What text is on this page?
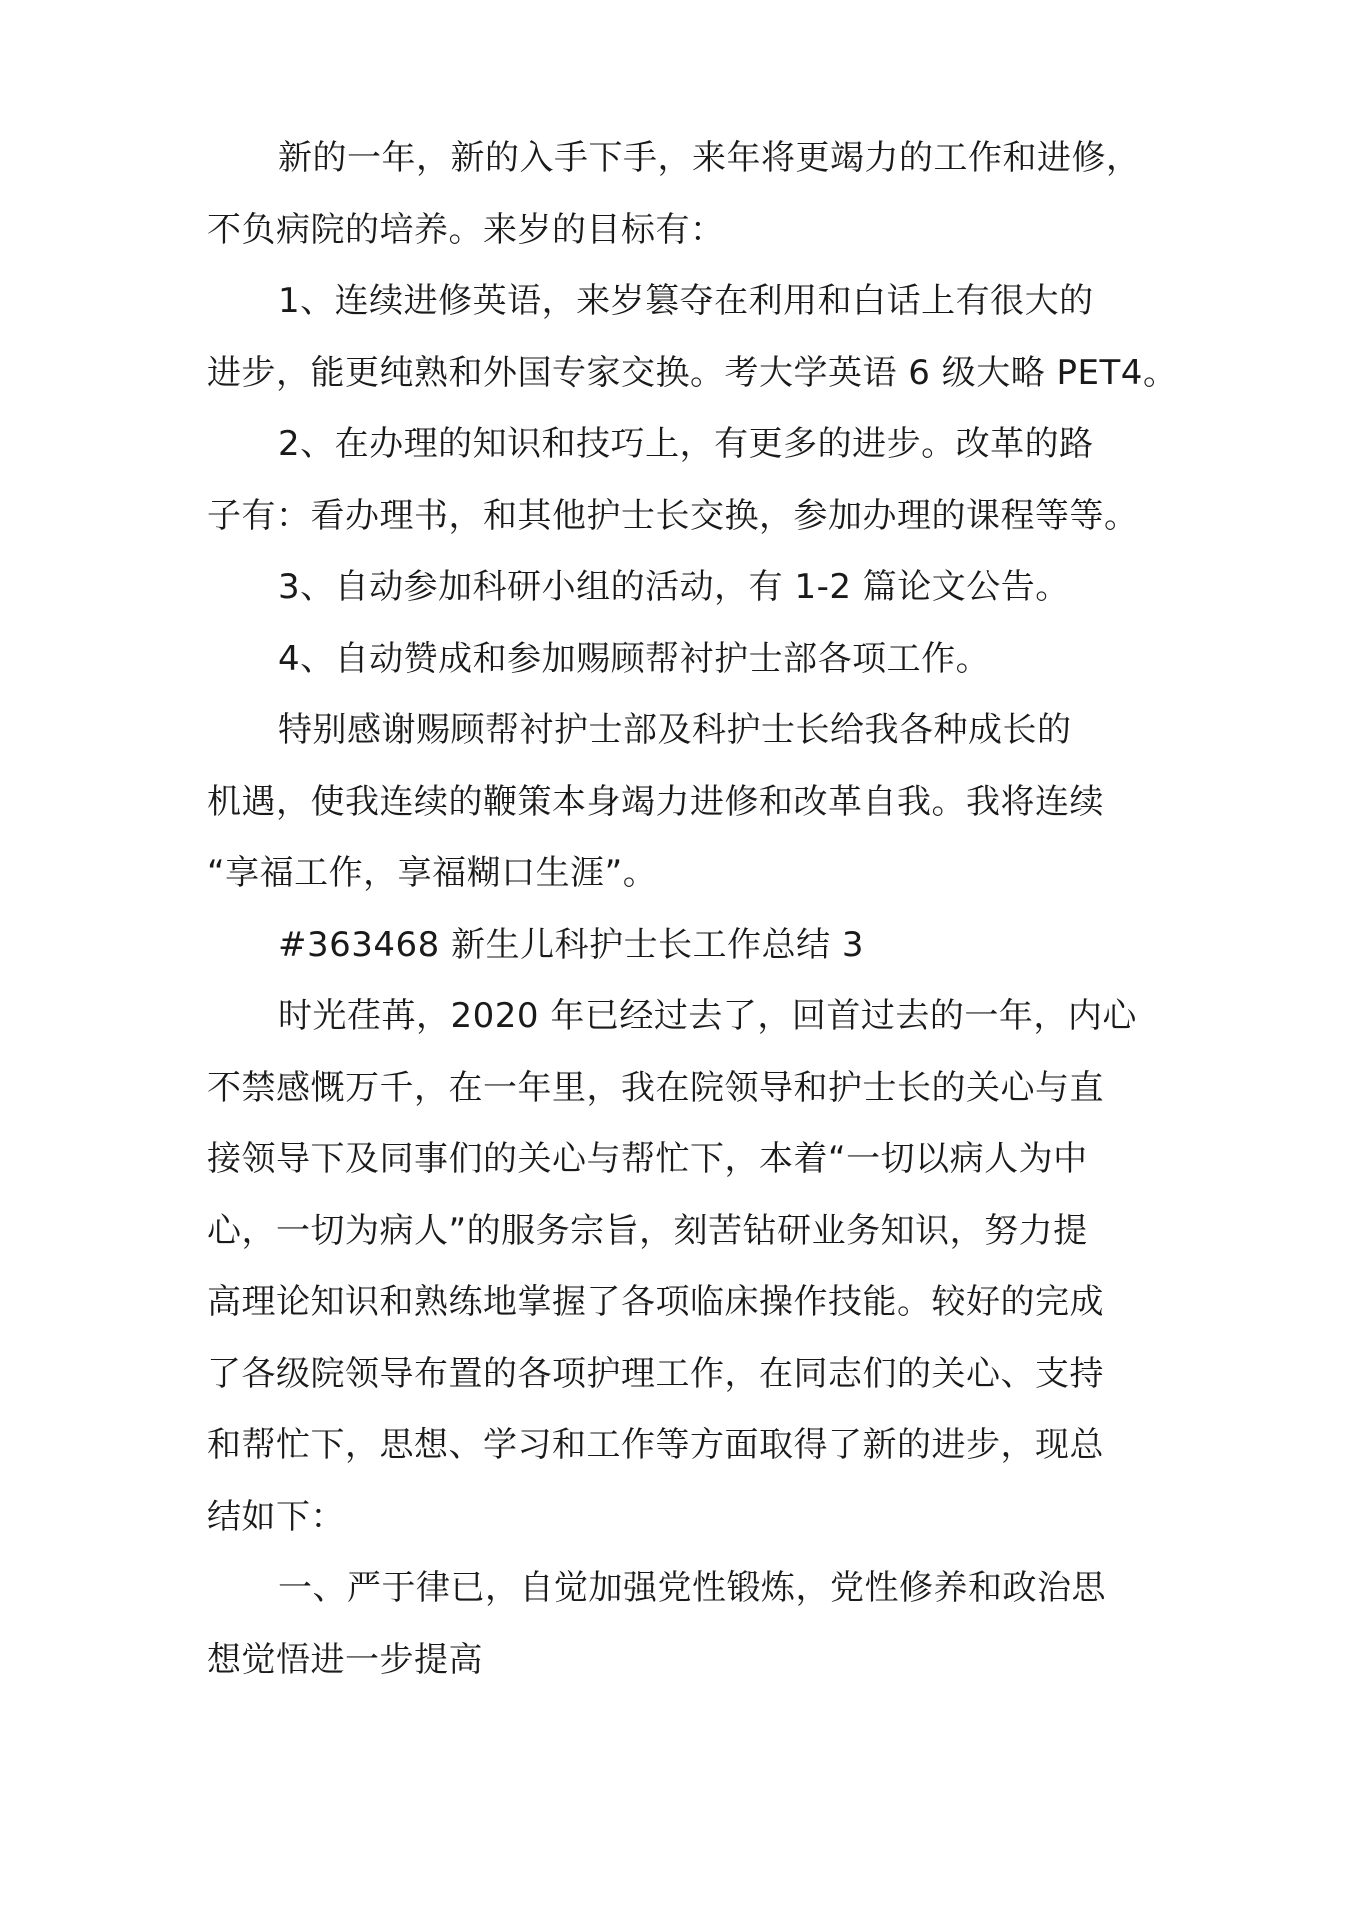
新的一年，新的入手下手，来年将更竭力的工作和进修，
不负病院的培养。来岁的目标有：

1、连续进修英语，来岁篡夺在利用和白话上有很大的
进步，能更纯熟和外国专家交换。考大学英语 6 级大略 PET4。

2、在办理的知识和技巧上，有更多的进步。改革的路
子有：看办理书，和其他护士长交换，参加办理的课程等等。

3、自动参加科研小组的活动，有 1-2 篇论文公告。

4、自动赞成和参加赐顾帮衬护士部各项工作。

特别感谢赐顾帮衬护士部及科护士长给我各种成长的
机遇，使我连续的鞭策本身竭力进修和改革自我。我将连续
“享福工作，享福糊口生涯”。

#363468 新生儿科护士长工作总结 3

时光荏苒，2020 年已经过去了，回首过去的一年，内心
不禁感慨万千，在一年里，我在院领导和护士长的关心与直
接领导下及同事们的关心与帮忙下，本着“一切以病人为中
心，一切为病人”的服务宗旨，刻苦钻研业务知识，努力提
高理论知识和熟练地掌握了各项临床操作技能。较好的完成
了各级院领导布置的各项护理工作，在同志们的关心、支持
和帮忙下，思想、学习和工作等方面取得了新的进步，现总
结如下：

一、严于律已，自觉加强党性锻炼，党性修养和政治思
想觉悟进一步提高
